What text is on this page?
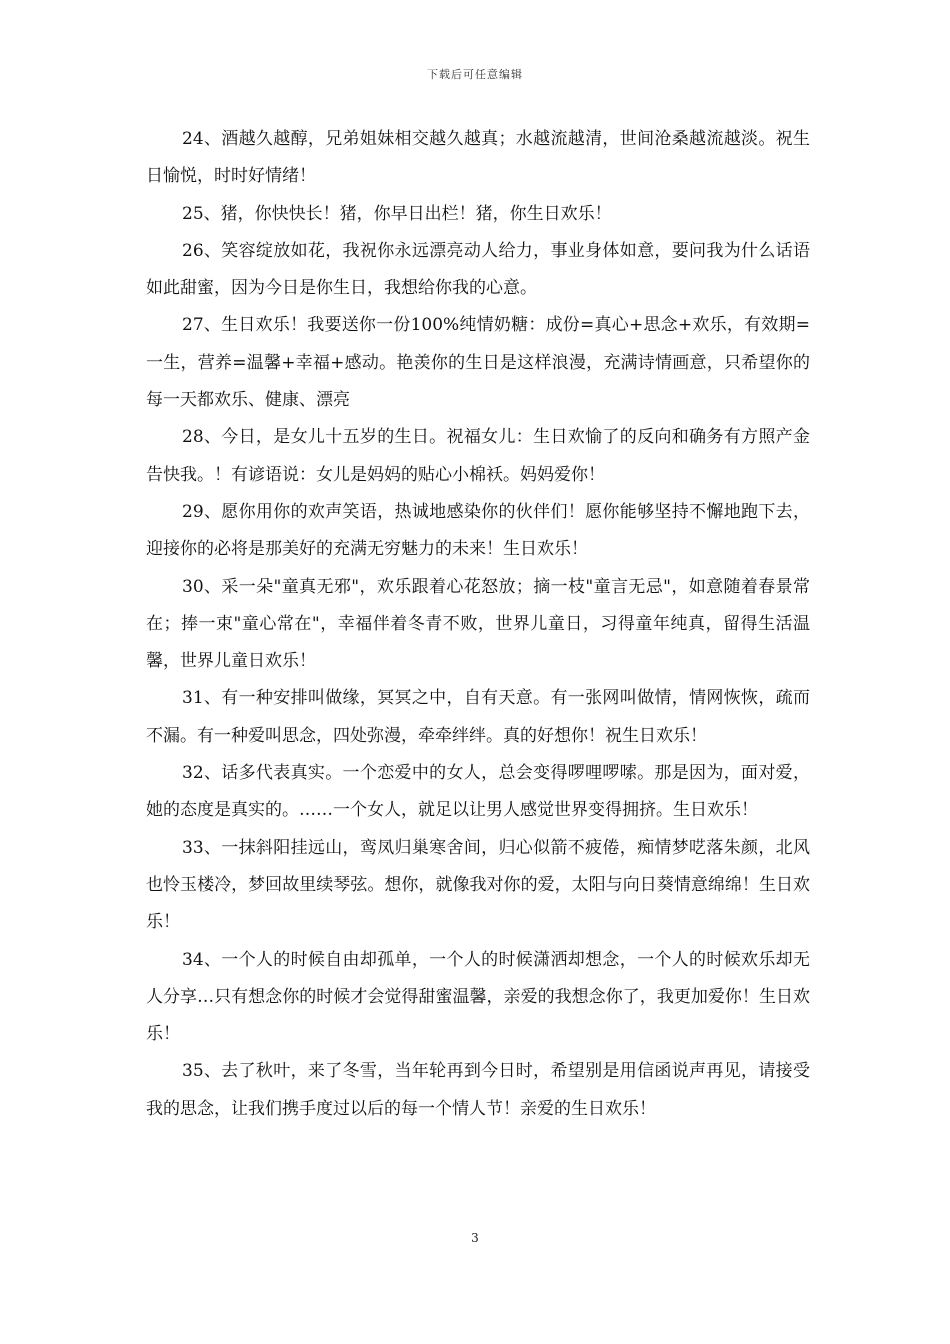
下载后可任意编辑

24、酒越久越醇，兄弟姐妹相交越久越真；水越流越清，世间沧桑越流越淡。祝生日愉悦，时时好情绪！

25、猪，你快快长！猪，你早日出栏！猪，你生日欢乐！

26、笑容绽放如花，我祝你永远漂亮动人给力，事业身体如意，要问我为什么话语如此甜蜜，因为今日是你生日，我想给你我的心意。

27、生日欢乐！我要送你一份100%纯情奶糖：成份=真心+思念+欢乐，有效期=一生，营养=温馨+幸福+感动。艳羡你的生日是这样浪漫，充满诗情画意，只希望你的每一天都欢乐、健康、漂亮

28、今日，是女儿十五岁的生日。祝福女儿：生日欢愉了的反向和确务有方照产金告快我。！有谚语说：女儿是妈妈的贴心小棉袄。妈妈爱你！

29、愿你用你的欢声笑语，热诚地感染你的伙伴们！愿你能够坚持不懈地跑下去，迎接你的必将是那美好的充满无穷魅力的未来！生日欢乐！

30、采一朵"童真无邪"，欢乐跟着心花怒放；摘一枝"童言无忌"，如意随着春景常在；捧一束"童心常在"，幸福伴着冬青不败，世界儿童日，习得童年纯真，留得生活温馨，世界儿童日欢乐！

31、有一种安排叫做缘，冥冥之中，自有天意。有一张网叫做情，情网恢恢，疏而不漏。有一种爱叫思念，四处弥漫，牵牵绊绊。真的好想你！祝生日欢乐！

32、话多代表真实。一个恋爱中的女人，总会变得啰哩啰嗦。那是因为，面对爱，她的态度是真实的。……一个女人，就足以让男人感觉世界变得拥挤。生日欢乐！

33、一抹斜阳挂远山，鸾凤归巢寒舍间，归心似箭不疲倦，痴情梦呓落朱颜，北风也怜玉楼冷，梦回故里续琴弦。想你，就像我对你的爱，太阳与向日葵情意绵绵！生日欢乐！

34、一个人的时候自由却孤单，一个人的时候潇洒却想念，一个人的时候欢乐却无人分享…只有想念你的时候才会觉得甜蜜温馨，亲爱的我想念你了，我更加爱你！生日欢乐！

35、去了秋叶，来了冬雪，当年轮再到今日时，希望别是用信函说声再见，请接受我的思念，让我们携手度过以后的每一个情人节！亲爱的生日欢乐！

3
